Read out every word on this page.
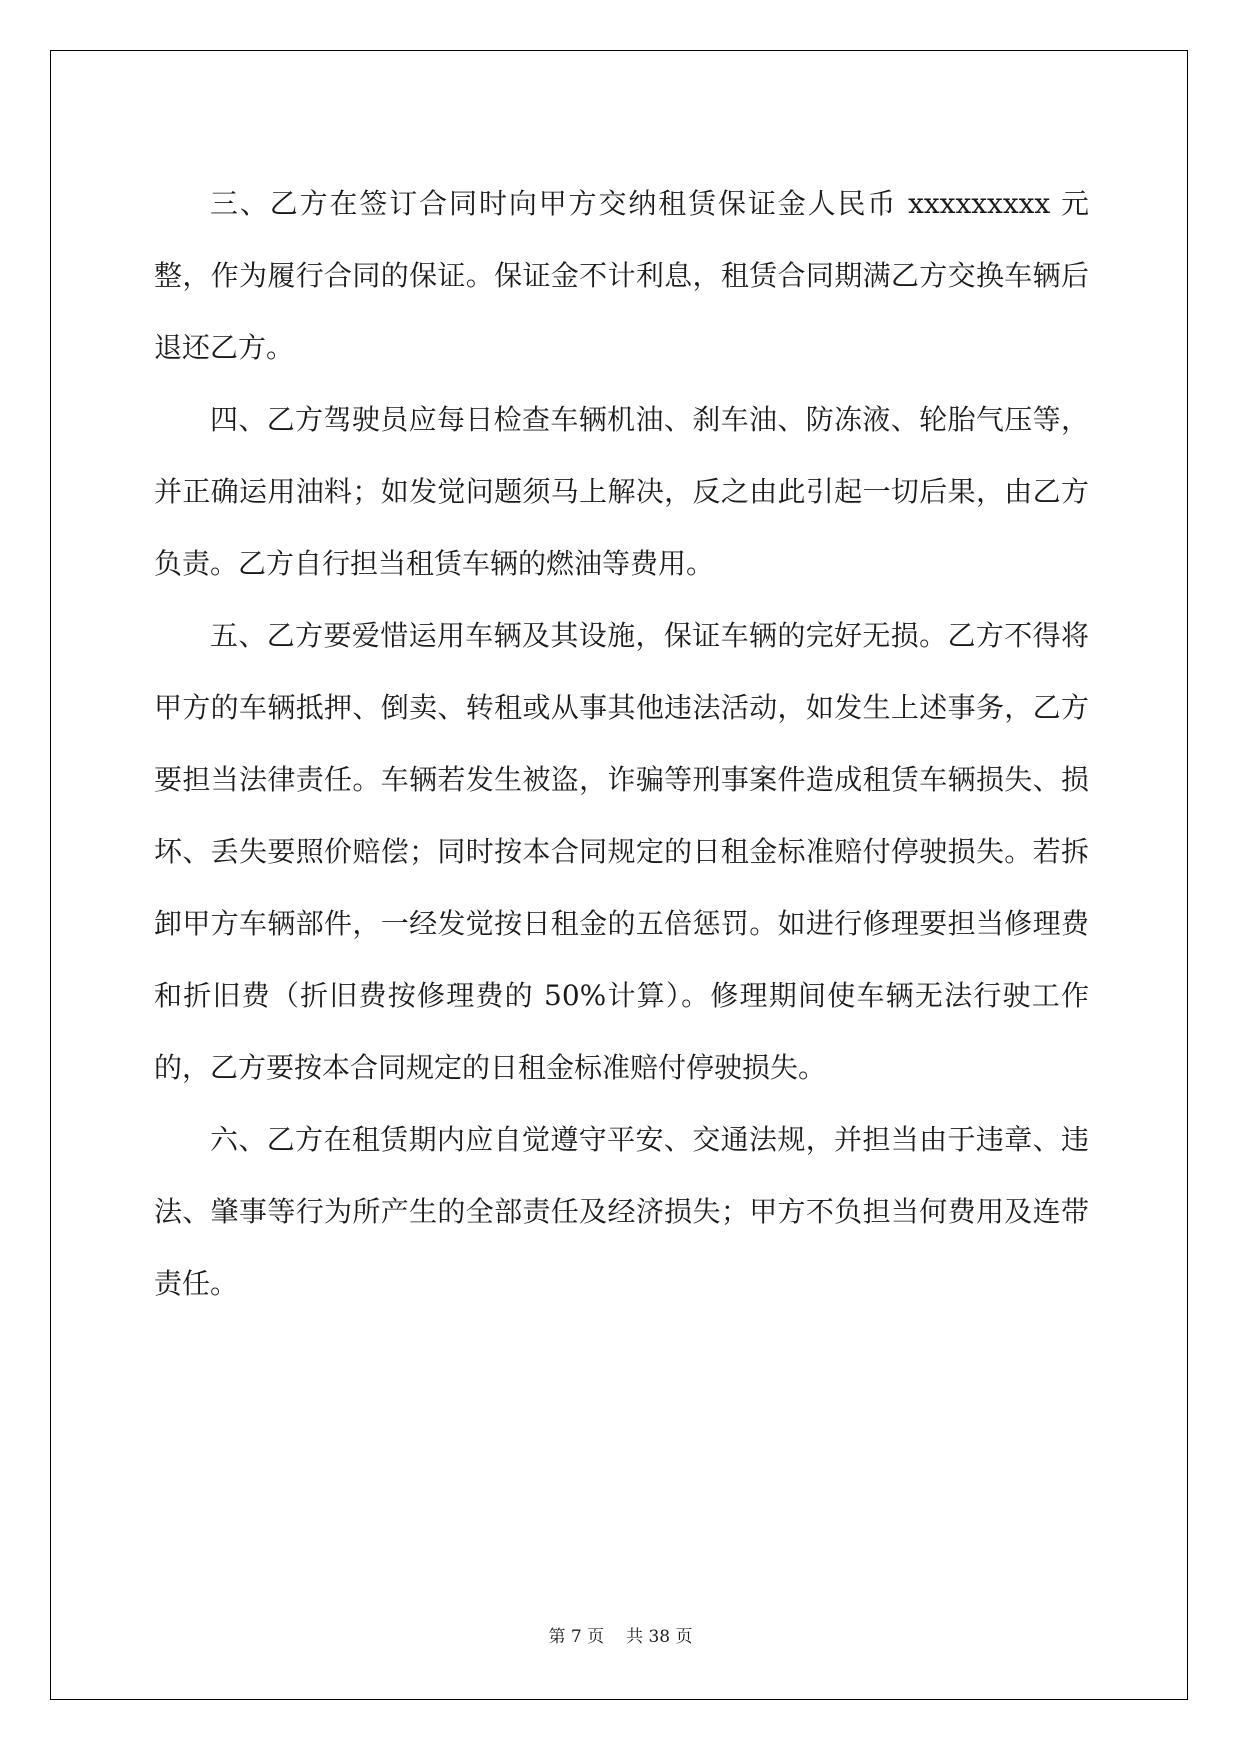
三、乙方在签订合同时向甲方交纳租赁保证金人民币 xxxxxxxxx 元整，作为履行合同的保证。保证金不计利息，租赁合同期满乙方交换车辆后退还乙方。

四、乙方驾驶员应每日检查车辆机油、刹车油、防冻液、轮胎气压等，并正确运用油料；如发觉问题须马上解决，反之由此引起一切后果，由乙方负责。乙方自行担当租赁车辆的燃油等费用。

五、乙方要爱惜运用车辆及其设施，保证车辆的完好无损。乙方不得将甲方的车辆抵押、倒卖、转租或从事其他违法活动，如发生上述事务，乙方要担当法律责任。车辆若发生被盗，诈骗等刑事案件造成租赁车辆损失、损坏、丢失要照价赔偿；同时按本合同规定的日租金标准赔付停驶损失。若拆卸甲方车辆部件，一经发觉按日租金的五倍惩罚。如进行修理要担当修理费和折旧费（折旧费按修理费的 50%计算）。修理期间使车辆无法行驶工作的，乙方要按本合同规定的日租金标准赔付停驶损失。

六、乙方在租赁期内应自觉遵守平安、交通法规，并担当由于违章、违法、肇事等行为所产生的全部责任及经济损失；甲方不负担当何费用及连带责任。

第 7 页 共 38 页
